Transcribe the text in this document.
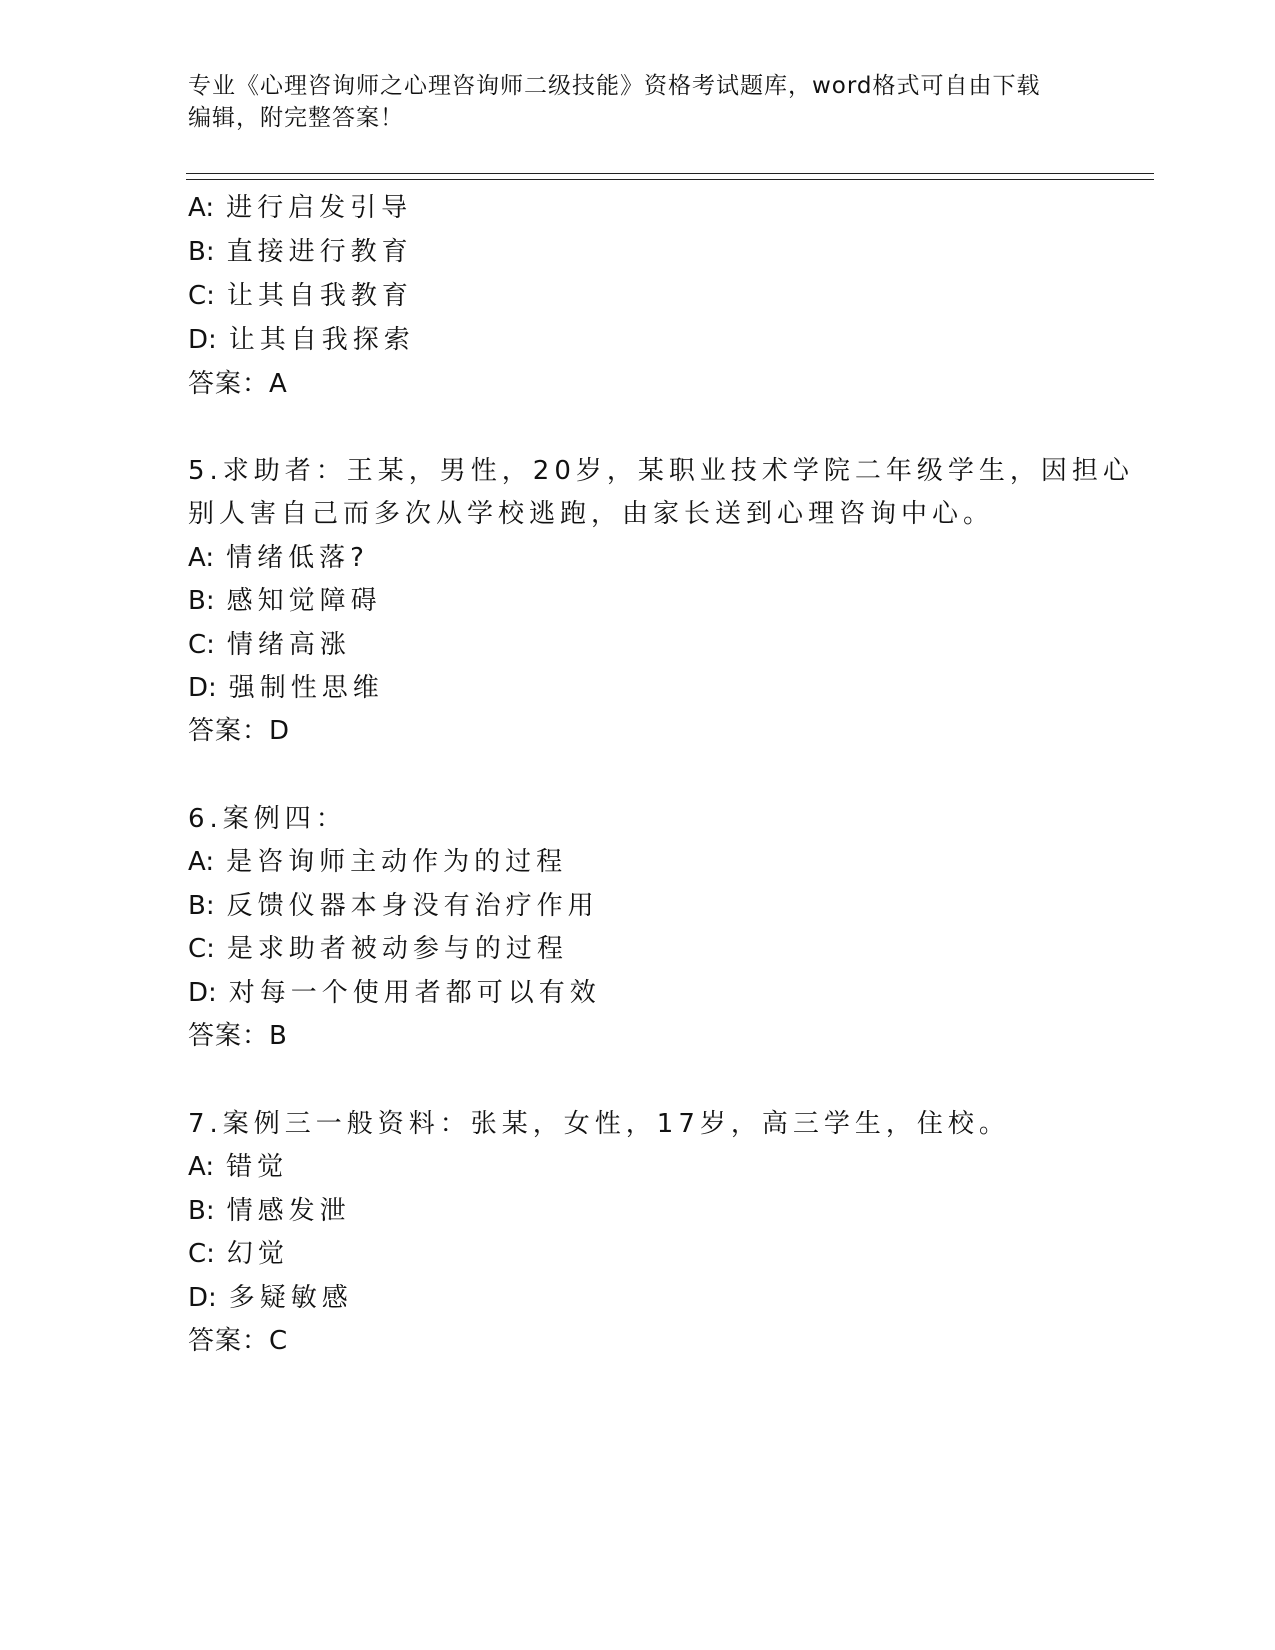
专业《心理咨询师之心理咨询师二级技能》资格考试题库，word格式可自由下载
编辑，附完整答案！
A: 进行启发引导
B: 直接进行教育
C: 让其自我教育
D: 让其自我探索
答案：A
5.求助者：王某，男性，20岁，某职业技术学院二年级学生，因担心
别人害自己而多次从学校逃跑，由家长送到心理咨询中心。
A: 情绪低落?
B: 感知觉障碍
C: 情绪高涨
D: 强制性思维
答案：D
6.案例四：
A: 是咨询师主动作为的过程
B: 反馈仪器本身没有治疗作用
C: 是求助者被动参与的过程
D: 对每一个使用者都可以有效
答案：B
7.案例三一般资料：张某，女性，17岁，高三学生，住校。
A: 错觉
B: 情感发泄
C: 幻觉
D: 多疑敏感
答案：C
